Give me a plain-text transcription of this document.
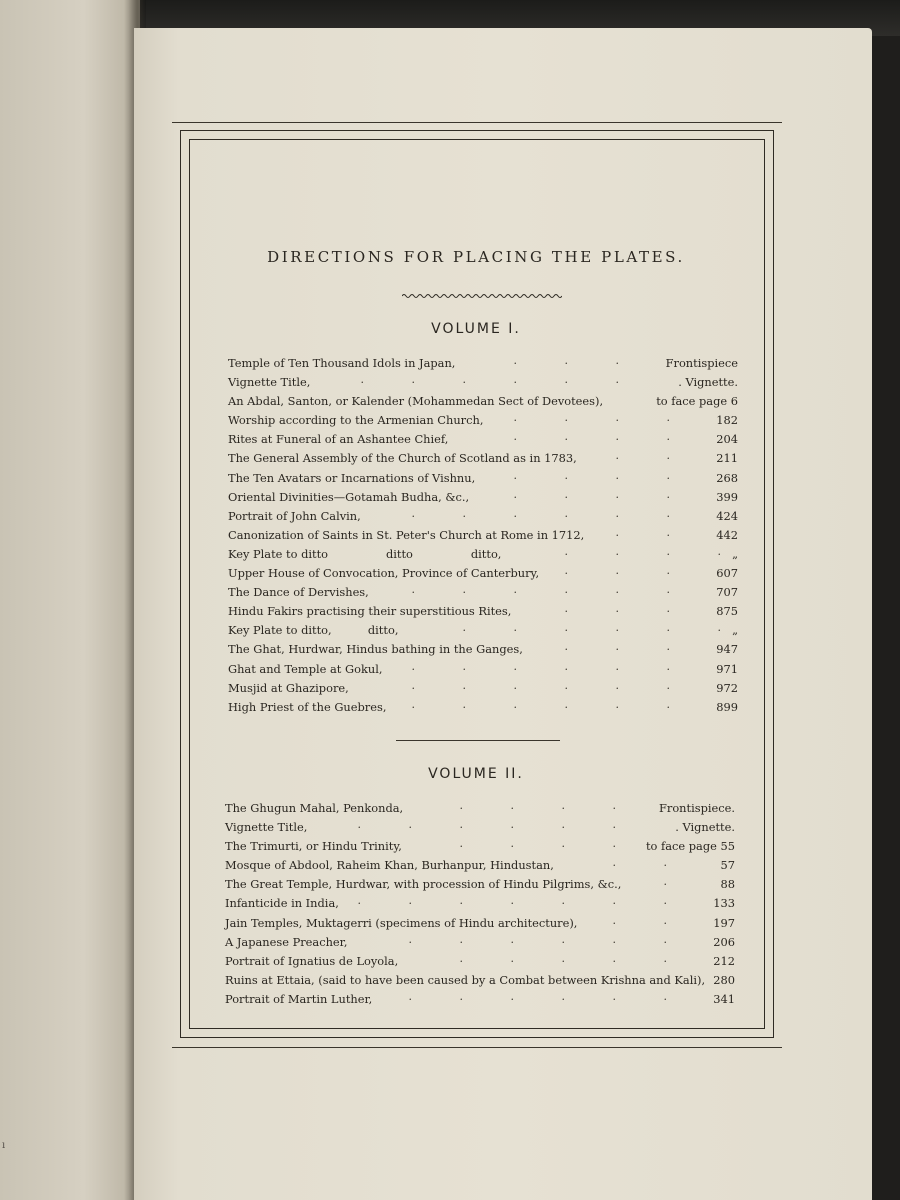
DIRECTIONS FOR PLACING THE PLATES.
VOLUME I.
Temple of Ten Thousand Idols in Japan,	Frontispiece
.	.	.
Vignette Title,	. Vignette.
.	.	.	.	.	.
An Abdal, Santon, or Kalender (Mohammedan Sect of Devotees),	to face page 6
Worship according to the Armenian Church,	182
.	.	.	.
Rites at Funeral of an Ashantee Chief,	204
.	.	.	.
The General Assembly of the Church of Scotland as in 1783,	211
.	.
The Ten Avatars or Incarnations of Vishnu,	268
.	.	.	.
Oriental Divinities—Gotamah Budha, &c.,	399
.	.	.	.
Portrait of John Calvin,	424
.	.	.	.	.	.
Canonization of Saints in St. Peter's Church at Rome in 1712,	442
.	.
Key Plate to ditto                ditto                ditto,	„
.	.	.	.
Upper House of Convocation, Province of Canterbury,	607
.	.	.
The Dance of Dervishes,	707
.	.	.	.	.	.
Hindu Fakirs practising their superstitious Rites,	875
.	.	.
Key Plate to ditto,          ditto,	„
.	.	.	.	.	.
The Ghat, Hurdwar, Hindus bathing in the Ganges,	947
.	.	.
Ghat and Temple at Gokul,	971
.	.	.	.	.	.
Musjid at Ghazipore,	972
.	.	.	.	.	.
High Priest of the Guebres,	899
.	.	.	.	.	.
VOLUME II.
The Ghugun Mahal, Penkonda,	Frontispiece.
.	.	.	.
Vignette Title,	. Vignette.
.	.	.	.	.	.
The Trimurti, or Hindu Trinity,	to face page 55
.	.	.	.
Mosque of Abdool, Raheim Khan, Burhanpur, Hindustan,	57
.	.
The Great Temple, Hurdwar, with procession of Hindu Pilgrims, &c.,	88
.
Infanticide in India,	133
.	.	.	.	.	.	.
Jain Temples, Muktagerri (specimens of Hindu architecture),	197
.	.
A Japanese Preacher,	206
.	.	.	.	.	.
Portrait of Ignatius de Loyola,	212
.	.	.	.	.
Ruins at Ettaia, (said to have been caused by a Combat between Krishna and Kali), 280
Portrait of Martin Luther,	341
.	.	.	.	.	.
ı
